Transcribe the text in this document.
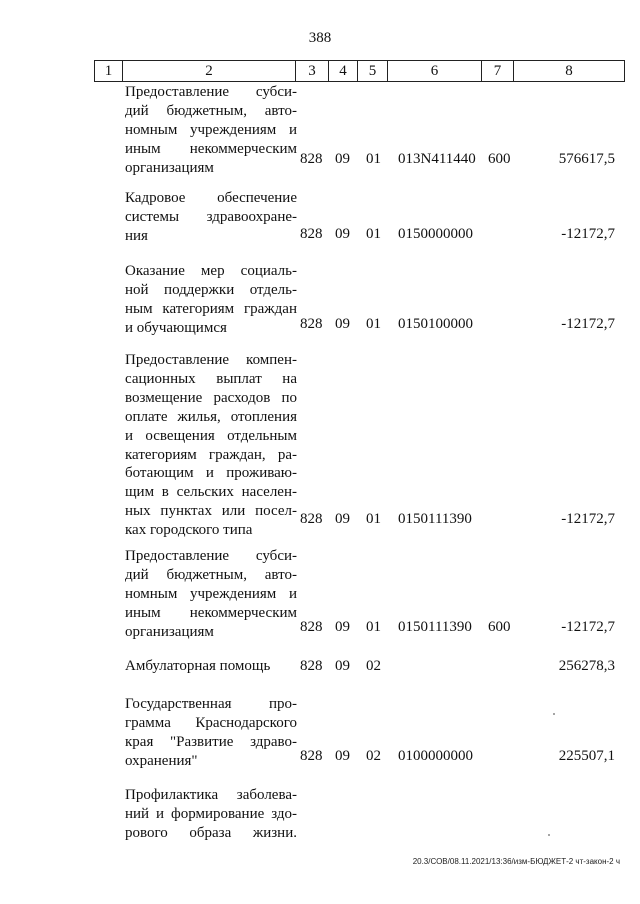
388
1	2	3	4	5	6	7	8
Предоставление субси-
дий бюджетным, авто-
номным учреждениям и
иным некоммерческим
организациям
828 09 01 013N411440 600	576617,5
Кадровое обеспечение
системы здравоохране-
ния	828 09 01 0150000000	-12172,7
Оказание мер социаль-
ной поддержки отдель-
ным категориям граждан
и обучающимся	828 09 01 0150100000	-12172,7
Предоставление компен-
сационных выплат на
возмещение расходов по
оплате жилья, отопления
и освещения отдельным
категориям граждан, ра-
ботающим и проживаю-
щим в сельских населен-
ных пунктах или посел-
ках городского типа
828 09 01 0150111390	-12172,7
Предоставление субси-
дий бюджетным, авто-
номным учреждениям и
иным некоммерческим
организациям	828 09 01 0150111390 600	-12172,7
Амбулаторная помощь	828 09 02	256278,3
Государственная про-
грамма Краснодарского
края "Развитие здраво-
охранения"	828 09 02 0100000000	225507,1
Профилактика заболева-
ний и формирование здо-
рового образа жизни.
20.3/СОВ/08.11.2021/13:36/изм-БЮДЖЕТ-2 чт-закон-2 ч
